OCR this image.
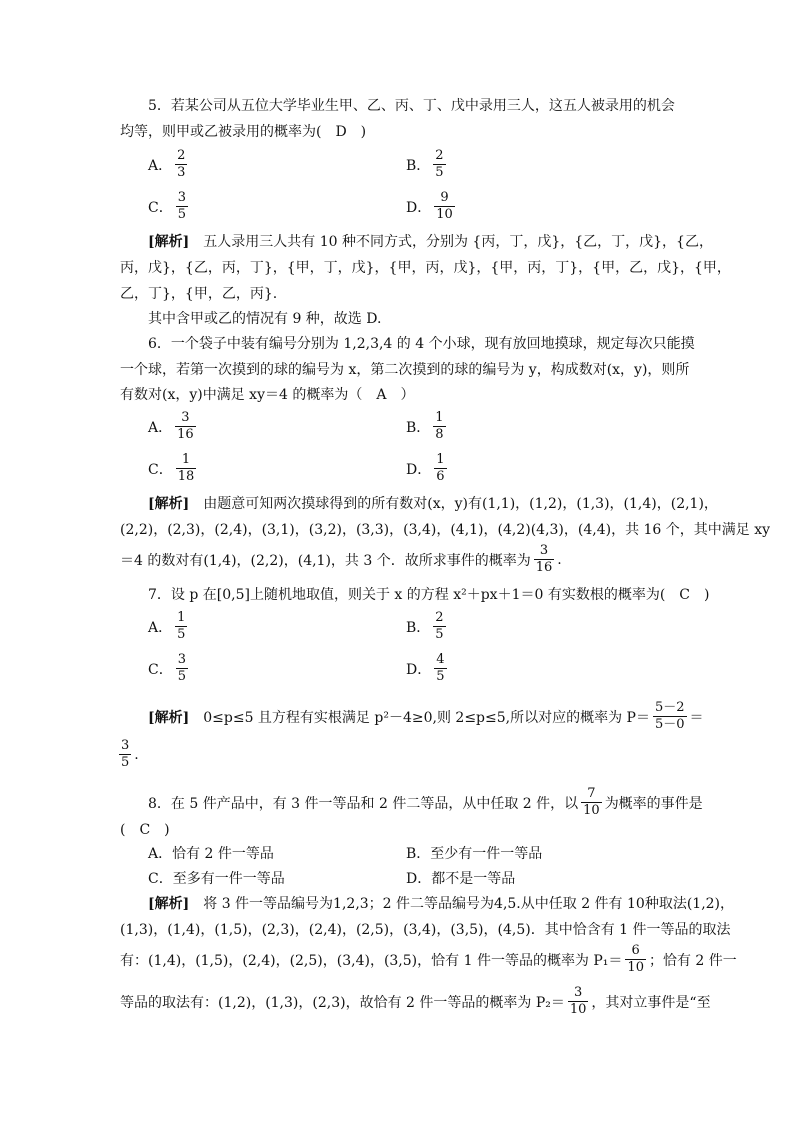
5．若某公司从五位大学毕业生甲、乙、丙、丁、戊中录用三人，这五人被录用的机会
均等，则甲或乙被录用的概率为(　D　)
A． $\frac{2}{3}$	B． $\frac{2}{5}$
C． $\frac{3}{5}$	D． $\frac{9}{10}$
[解析]　五人录用三人共有 10 种不同方式，分别为 {丙，丁，戊}，{乙，丁，戊}，{乙，
丙，戊}，{乙，丙，丁}，{甲，丁，戊}，{甲，丙，戊}，{甲，丙，丁}，{甲，乙，戊}，{甲，
乙，丁}，{甲，乙，丙}.
其中含甲或乙的情况有 9 种，故选 D.
6．一个袋子中装有编号分别为 1,2,3,4 的 4 个小球，现有放回地摸球，规定每次只能摸
一个球，若第一次摸到的球的编号为 x，第二次摸到的球的编号为 y，构成数对(x，y)，则所
有数对(x，y)中满足 xy＝4 的概率为（　A　）
A． $\frac{3}{16}$	B． $\frac{1}{8}$
C． $\frac{1}{18}$	D． $\frac{1}{6}$
[解析]　由题意可知两次摸球得到的所有数对(x，y)有(1,1)，(1,2)，(1,3)，(1,4)，(2,1)，
(2,2)，(2,3)，(2,4)，(3,1)，(3,2)，(3,3)，(3,4)，(4,1)，(4,2)(4,3)，(4,4)，共 16 个，其中满足 xy
＝4 的数对有(1,4)，(2,2)，(4,1)，共 3 个．故所求事件的概率为 $\frac{3}{16}$ .
7．设 p 在[0,5]上随机地取值，则关于 x 的方程 x²＋px＋1＝0 有实数根的概率为(　C　)
A． $\frac{1}{5}$	B． $\frac{2}{5}$
C． $\frac{3}{5}$	D． $\frac{4}{5}$
[解析] 　0≤p≤5 且方程有实根满足 p²－4≥0,则 2≤p≤5,所以对应的概率为 $P= \frac{5-2}{5-0}$ ＝
$\frac{3}{5}$ .
8．在 5 件产品中，有 3 件一等品和 2 件二等品，从中任取 2 件，以 $\frac{7}{10}$ 为概率的事件是
(　C　)
A．恰有 2 件一等品	B．至少有一件一等品
C．至多有一件一等品	D．都不是一等品
[解析]　将 3 件一等品编号为1,2,3；2 件二等品编号为4,5.从中任取 2 件有 10种取法(1,2)，
(1,3)，(1,4)，(1,5)，(2,3)，(2,4)，(2,5)，(3,4)，(3,5)，(4,5)．其中恰含有 1 件一等品的取法
有：(1,4)，(1,5)，(2,4)，(2,5)，(3,4)，(3,5)，恰有 1 件一等品的概率为 $P_1= \frac{6}{10}$ ；恰有 2 件一
等品的取法有：(1,2)，(1,3)，(2,3)，故恰有 2 件一等品的概率为 $P_2= \frac{3}{10}$ ，其对立事件是“至
